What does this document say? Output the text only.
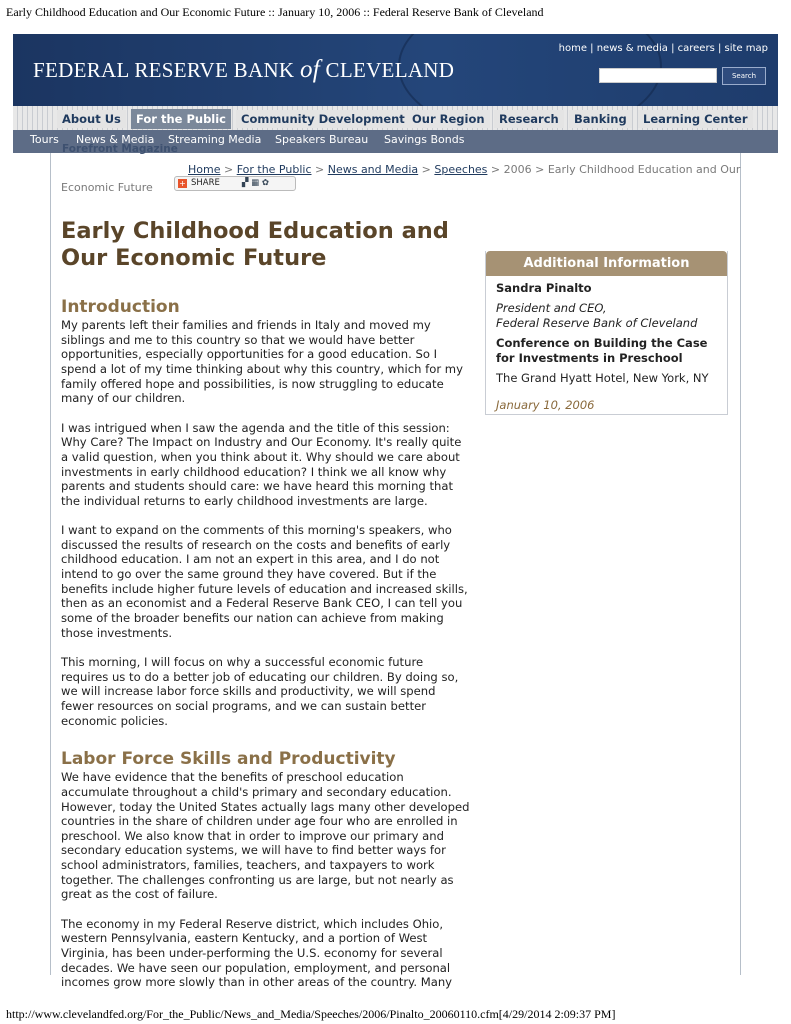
Early Childhood Education and Our Economic Future :: January 10, 2006 :: Federal Reserve Bank of Cleveland
FEDERAL RESERVE BANK of CLEVELAND
home | news & media | careers | site map
Search
About Us	For the Public	Community Development Our Region	Research	Banking	Learning Center
Tours News & Media Streaming Media Speakers Bureau Savings Bonds
Forefront Magazine
Home > For the Public > News and Media > Speeches > 2006 > Early Childhood Education and Our
Economic Future	+ SHARE	▞ ▦ ✿
Early Childhood Education and Our Economic Future
Introduction

My parents left their families and friends in Italy and moved my siblings and me to this country so that we would have better opportunities, especially opportunities for a good education. So I spend a lot of my time thinking about why this country, which for my family offered hope and possibilities, is now struggling to educate many of our children.

I was intrigued when I saw the agenda and the title of this session: Why Care? The Impact on Industry and Our Economy. It's really quite a valid question, when you think about it. Why should we care about investments in early childhood education? I think we all know why parents and students should care: we have heard this morning that the individual returns to early childhood investments are large.

I want to expand on the comments of this morning's speakers, who discussed the results of research on the costs and benefits of early childhood education. I am not an expert in this area, and I do not intend to go over the same ground they have covered. But if the benefits include higher future levels of education and increased skills, then as an economist and a Federal Reserve Bank CEO, I can tell you some of the broader benefits our nation can achieve from making those investments.

This morning, I will focus on why a successful economic future requires us to do a better job of educating our children. By doing so, we will increase labor force skills and productivity, we will spend fewer resources on social programs, and we can sustain better economic policies.

Labor Force Skills and Productivity

We have evidence that the benefits of preschool education accumulate throughout a child's primary and secondary education. However, today the United States actually lags many other developed countries in the share of children under age four who are enrolled in preschool. We also know that in order to improve our primary and secondary education systems, we will have to find better ways for school administrators, families, teachers, and taxpayers to work together. The challenges confronting us are large, but not nearly as great as the cost of failure.

The economy in my Federal Reserve district, which includes Ohio, western Pennsylvania, eastern Kentucky, and a portion of West Virginia, has been under-performing the U.S. economy for several decades. We have seen our population, employment, and personal incomes grow more slowly than in other areas of the country. Many

Additional Information
Sandra Pinalto
President and CEO,
Federal Reserve Bank of Cleveland
Conference on Building the Case for Investments in Preschool
The Grand Hyatt Hotel, New York, NY
January 10, 2006
http://www.clevelandfed.org/For_the_Public/News_and_Media/Speeches/2006/Pinalto_20060110.cfm[4/29/2014 2:09:37 PM]
